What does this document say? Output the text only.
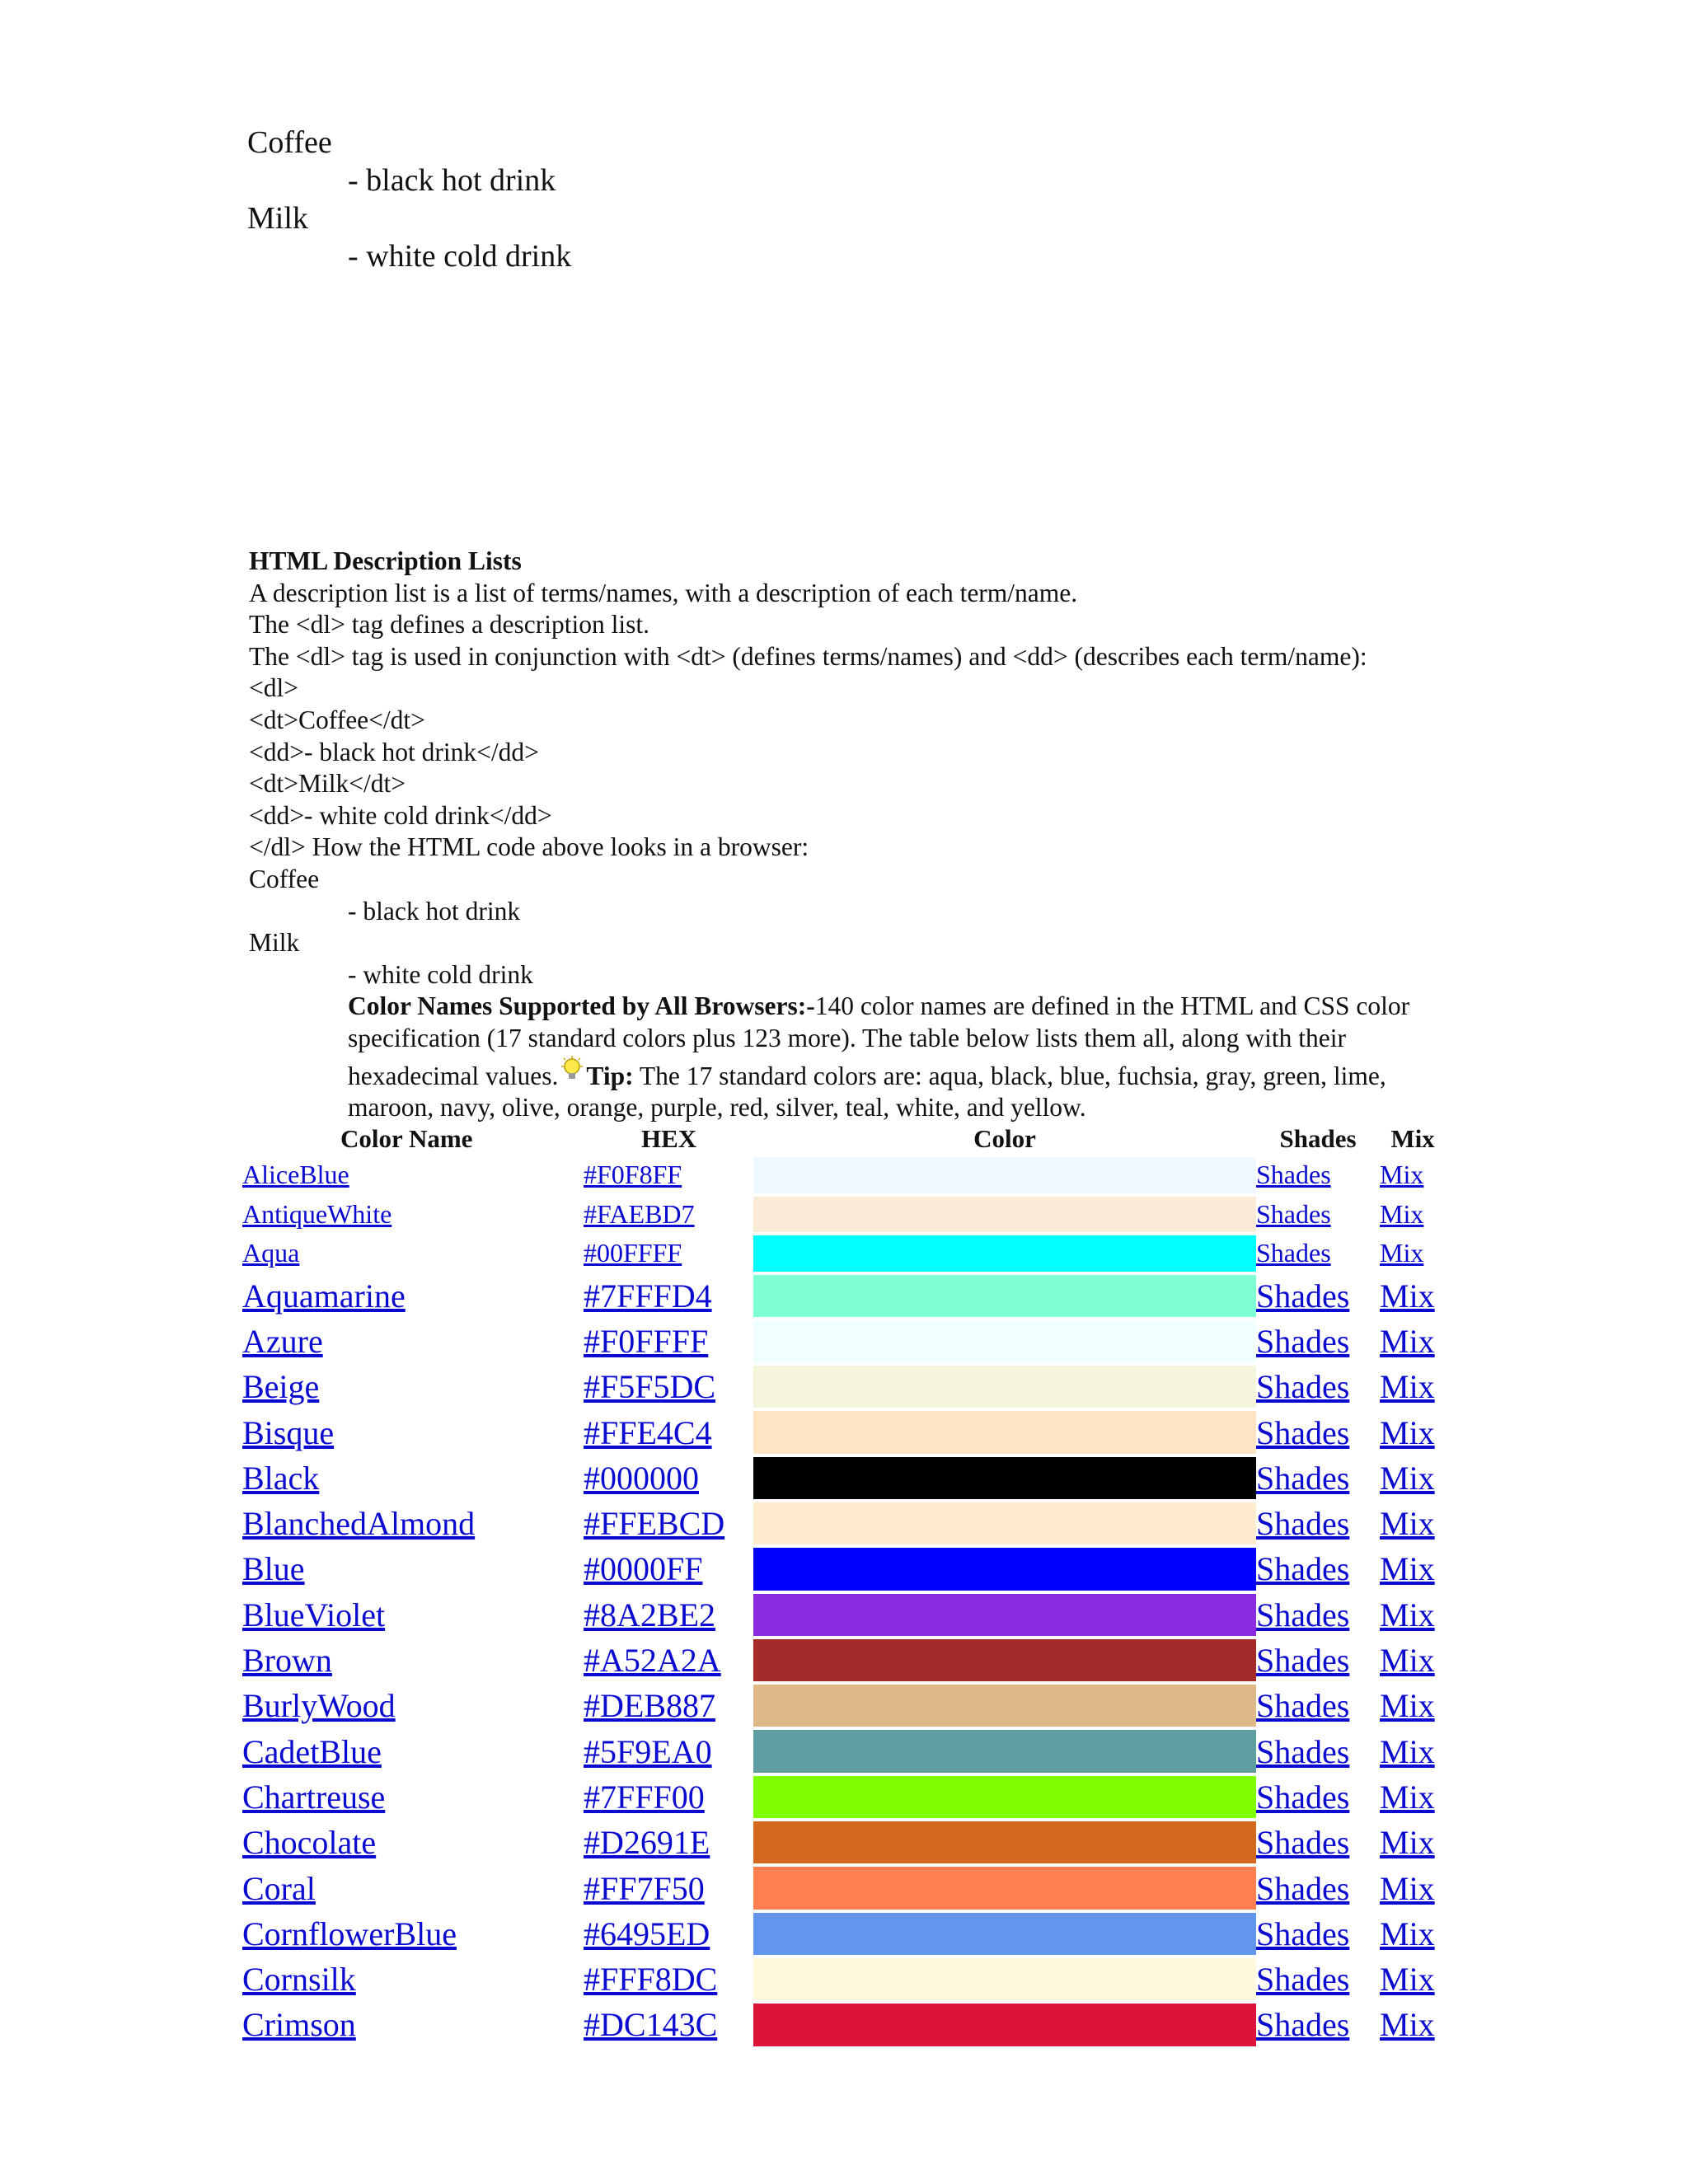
Coffee
- black hot drink
Milk
- white cold drink

HTML Description Lists

A description list is a list of terms/names, with a description of each term/name.

The <dl> tag defines a description list.

The <dl> tag is used in conjunction with <dt> (defines terms/names) and <dd> (describes each term/name):

<dl>

<dt>Coffee</dt>

<dd>- black hot drink</dd>

<dt>Milk</dt>

<dd>- white cold drink</dd>

</dl> How the HTML code above looks in a browser:

Coffee

- black hot drink

Milk

- white cold drink

Color Names Supported by All Browsers:-140 color names are defined in the HTML and CSS color specification (17 standard colors plus 123 more). The table below lists them all, along with their hexadecimal values. Tip: The 17 standard colors are: aqua, black, blue, fuchsia, gray, green, lime, maroon, navy, olive, orange, purple, red, silver, teal, white, and yellow.

Color Name	HEX	Color	Shades	Mix
AliceBlue	#F0F8FF		Shades	Mix
AntiqueWhite	#FAEBD7		Shades	Mix
Aqua	#00FFFF		Shades	Mix
Aquamarine	#7FFFD4		Shades	Mix
Azure	#F0FFFF		Shades	Mix
Beige	#F5F5DC		Shades	Mix
Bisque	#FFE4C4		Shades	Mix
Black	#000000		Shades	Mix
BlanchedAlmond	#FFEBCD		Shades	Mix
Blue	#0000FF		Shades	Mix
BlueViolet	#8A2BE2		Shades	Mix
Brown	#A52A2A		Shades	Mix
BurlyWood	#DEB887		Shades	Mix
CadetBlue	#5F9EA0		Shades	Mix
Chartreuse	#7FFF00		Shades	Mix
Chocolate	#D2691E		Shades	Mix
Coral	#FF7F50		Shades	Mix
CornflowerBlue	#6495ED		Shades	Mix
Cornsilk	#FFF8DC		Shades	Mix
Crimson	#DC143C		Shades	Mix
